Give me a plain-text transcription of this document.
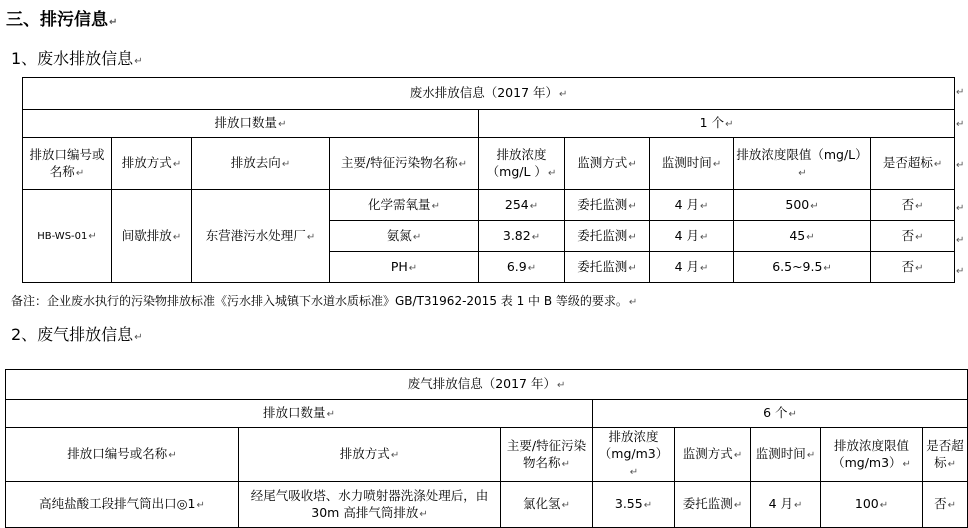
三、排污信息↵
1、废水排放信息↵
废水排放信息（2017 年）↵								
排放口数量↵				1 个↵				
排放口编号或名称↵	排放方式↵	排放去向↵	主要/特征污染物名称↵	排放浓度（mg/L ）↵	监测方式↵	监测时间↵	排放浓度限值（mg/L）↵	是否超标↵
HB-WS-01↵	间歇排放↵	东营港污水处理厂↵	化学需氧量↵	254↵	委托监测↵	4 月↵	500↵	否↵
			氨氮↵	3.82↵	委托监测↵	4 月↵	45↵	否↵
			PH↵	6.9↵	委托监测↵	4 月↵	6.5~9.5↵	否↵
备注：企业废水执行的污染物排放标准《污水排入城镇下水道水质标准》GB/T31962-2015 表 1 中 B 等级的要求。↵
2、废气排放信息↵
废气排放信息（2017 年）↵							
排放口数量↵			6 个↵				
排放口编号或名称↵	排放方式↵	主要/特征污染物名称↵	排放浓度（mg/m3）↵	监测方式↵	监测时间↵	排放浓度限值（mg/m3）↵	是否超标↵
高纯盐酸工段排气筒出口◎1↵	经尾气吸收塔、水力喷射器洗涤处理后，由 30m 高排气筒排放↵	氯化氢↵	3.55↵	委托监测↵	4 月↵	100↵	否↵
↵
↵
↵
↵
↵
↵
